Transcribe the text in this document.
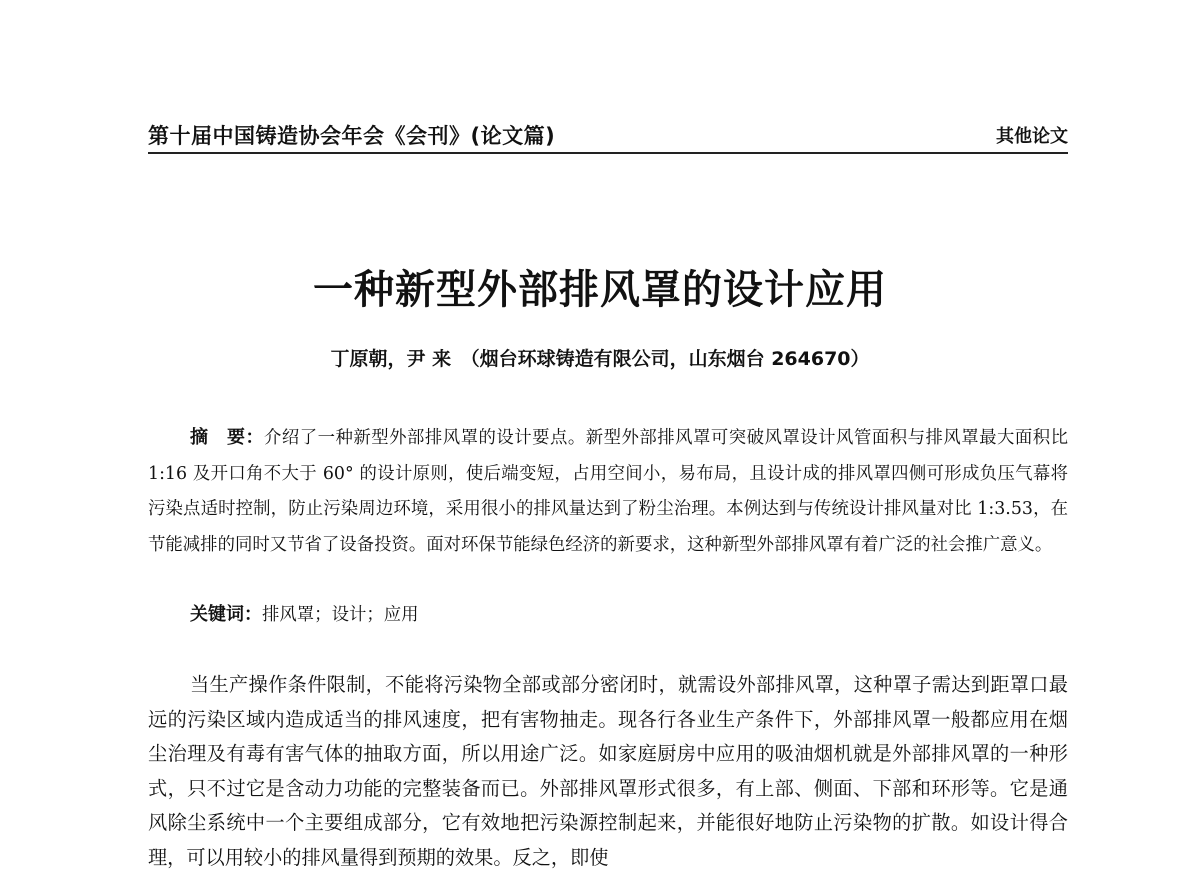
第十届中国铸造协会年会《会刊》(论文篇)	其他论文
一种新型外部排风罩的设计应用
丁原朝，尹 来　（烟台环球铸造有限公司，山东烟台 264670）

摘　要：介绍了一种新型外部排风罩的设计要点。新型外部排风罩可突破风罩设计风管面积与排风罩最大面积比 1:16 及开口角不大于 60° 的设计原则，使后端变短，占用空间小，易布局，且设计成的排风罩四侧可形成负压气幕将污染点适时控制，防止污染周边环境，采用很小的排风量达到了粉尘治理。本例达到与传统设计排风量对比 1:3.53，在节能减排的同时又节省了设备投资。面对环保节能绿色经济的新要求，这种新型外部排风罩有着广泛的社会推广意义。

关键词：排风罩；设计；应用

当生产操作条件限制，不能将污染物全部或部分密闭时，就需设外部排风罩，这种罩子需达到距罩口最远的污染区域内造成适当的排风速度，把有害物抽走。现各行各业生产条件下，外部排风罩一般都应用在烟尘治理及有毒有害气体的抽取方面，所以用途广泛。如家庭厨房中应用的吸油烟机就是外部排风罩的一种形式，只不过它是含动力功能的完整装备而已。外部排风罩形式很多，有上部、侧面、下部和环形等。它是通风除尘系统中一个主要组成部分，它有效地把污染源控制起来，并能很好地防止污染物的扩散。如设计得合理，可以用较小的排风量得到预期的效果。反之，即使
